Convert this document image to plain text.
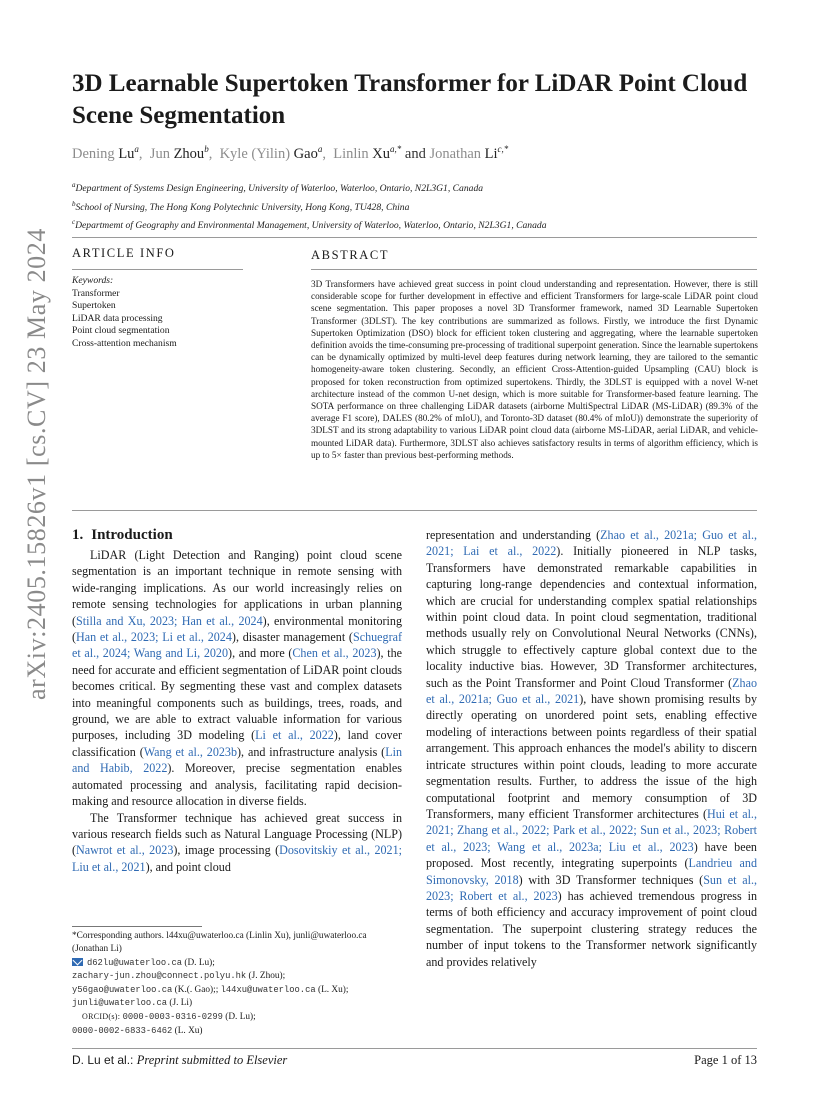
arXiv:2405.15826v1 [cs.CV] 23 May 2024
3D Learnable Supertoken Transformer for LiDAR Point Cloud Scene Segmentation
Dening Lu$^a$,  Jun Zhou$^b$,  Kyle (Yilin) Gao$^a$,  Linlin $Xu^{a,*}$ and Jonathan $Li^{c,*}$
$^a$Department of Systems Design Engineering, University of Waterloo, Waterloo, Ontario, N2L3G1, Canada
$^b$School of Nursing, The Hong Kong Polytechnic University, Hong Kong, TU428, China
$^c$Departmemt of Geography and Environmental Management, University of Waterloo, Waterloo, Ontario, N2L3G1, Canada
ARTICLE INFO	ABSTRACT
Keywords:
Transformer
Supertoken
LiDAR data processing
Point cloud segmentation
Cross-attention mechanism
3D Transformers have achieved great success in point cloud understanding and representation. However, there is still considerable scope for further development in effective and efficient Transformers for large-scale LiDAR point cloud scene segmentation. This paper proposes a novel 3D Transformer framework, named 3D Learnable Supertoken Transformer (3DLST). The key contributions are summarized as follows. Firstly, we introduce the first Dynamic Supertoken Optimization (DSO) block for efficient token clustering and aggregating, where the learnable supertoken definition avoids the time-consuming pre-processing of traditional superpoint generation. Since the learnable supertokens can be dynamically optimized by multi-level deep features during network learning, they are tailored to the semantic homogeneity-aware token clustering. Secondly, an efficient Cross-Attention-guided Upsampling (CAU) block is proposed for token reconstruction from optimized supertokens. Thirdly, the 3DLST is equipped with a novel W-net architecture instead of the common U-net design, which is more suitable for Transformer-based feature learning. The SOTA performance on three challenging LiDAR datasets (airborne MultiSpectral LiDAR (MS-LiDAR) (89.3% of the average F1 score), DALES (80.2% of mIoU), and Toronto-3D dataset (80.4% of mIoU)) demonstrate the superiority of 3DLST and its strong adaptability to various LiDAR point cloud data (airborne MS-LiDAR, aerial LiDAR, and vehicle-mounted LiDAR data). Furthermore, 3DLST also achieves satisfactory results in terms of algorithm efficiency, which is up to 5× faster than previous best-performing methods.
1. Introduction

LiDAR (Light Detection and Ranging) point cloud scene segmentation is an important technique in remote sensing with wide-ranging implications. As our world increasingly relies on remote sensing technologies for applications in urban planning (Stilla and Xu, 2023; Han et al., 2024), environmental monitoring (Han et al., 2023; Li et al., 2024), disaster management (Schuegraf et al., 2024; Wang and Li, 2020), and more (Chen et al., 2023), the need for accurate and efficient segmentation of LiDAR point clouds becomes critical. By segmenting these vast and complex datasets into meaningful components such as buildings, trees, roads, and ground, we are able to extract valuable information for various purposes, including 3D modeling (Li et al., 2022), land cover classification (Wang et al., 2023b), and infrastructure analysis (Lin and Habib, 2022). Moreover, precise segmentation enables automated processing and analysis, facilitating rapid decision-making and resource allocation in diverse fields.

The Transformer technique has achieved great success in various research fields such as Natural Language Processing (NLP) (Nawrot et al., 2023), image processing (Dosovitskiy et al., 2021; Liu et al., 2021), and point cloud

representation and understanding (Zhao et al., 2021a; Guo et al., 2021; Lai et al., 2022). Initially pioneered in NLP tasks, Transformers have demonstrated remarkable capabilities in capturing long-range dependencies and contextual information, which are crucial for understanding complex spatial relationships within point cloud data. In point cloud segmentation, traditional methods usually rely on Convolutional Neural Networks (CNNs), which struggle to effectively capture global context due to the locality inductive bias. However, 3D Transformer architectures, such as the Point Transformer and Point Cloud Transformer (Zhao et al., 2021a; Guo et al., 2021), have shown promising results by directly operating on unordered point sets, enabling effective modeling of interactions between points regardless of their spatial arrangement. This approach enhances the model's ability to discern intricate structures within point clouds, leading to more accurate segmentation results. Further, to address the issue of the high computational footprint and memory consumption of 3D Transformers, many efficient Transformer architectures (Hui et al., 2021; Zhang et al., 2022; Park et al., 2022; Sun et al., 2023; Robert et al., 2023; Wang et al., 2023a; Liu et al., 2023) have been proposed. Most recently, integrating superpoints (Landrieu and Simonovsky, 2018) with 3D Transformer techniques (Sun et al., 2023; Robert et al., 2023) has achieved tremendous progress in terms of both efficiency and accuracy improvement of point cloud segmentation. The superpoint clustering strategy reduces the number of input tokens to the Transformer network significantly and provides relatively

*Corresponding authors. l44xu@uwaterloo.ca (Linlin Xu), junli@uwaterloo.ca (Jonathan Li)
d62lu@uwaterloo.ca (D. Lu);
zachary-jun.zhou@connect.polyu.hk (J. Zhou);
y56gao@uwaterloo.ca (K.(. Gao);; l44xu@uwaterloo.ca (L. Xu); junli@uwaterloo.ca (J. Li)
ORCID(s): 0000-0003-0316-0299 (D. Lu);
0000-0002-6833-6462 (L. Xu)
D. Lu et al.: Preprint submitted to Elsevier	Page 1 of 13
